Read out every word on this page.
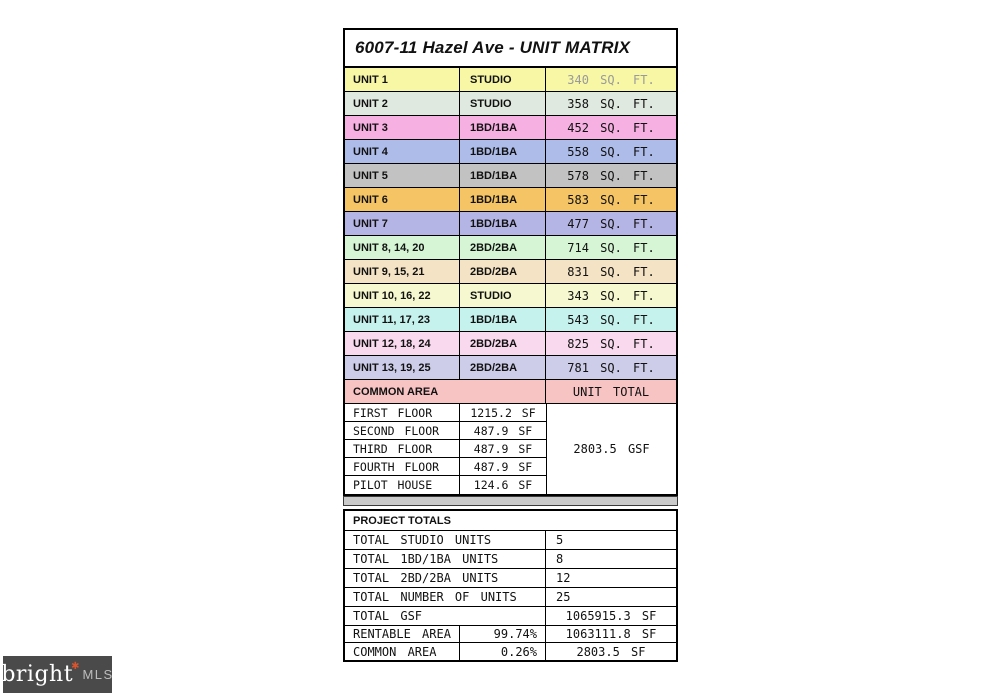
6007-11 Hazel Ave - UNIT MATRIX
UNIT 1	STUDIO	340 SQ. FT.
UNIT 2	STUDIO	358 SQ. FT.
UNIT 3	1BD/1BA	452 SQ. FT.
UNIT 4	1BD/1BA	558 SQ. FT.
UNIT 5	1BD/1BA	578 SQ. FT.
UNIT 6	1BD/1BA	583 SQ. FT.
UNIT 7	1BD/1BA	477 SQ. FT.
UNIT 8, 14, 20	2BD/2BA	714 SQ. FT.
UNIT 9, 15, 21	2BD/2BA	831 SQ. FT.
UNIT 10, 16, 22	STUDIO	343 SQ. FT.
UNIT 11, 17, 23	1BD/1BA	543 SQ. FT.
UNIT 12, 18, 24	2BD/2BA	825 SQ. FT.
UNIT 13, 19, 25	2BD/2BA	781 SQ. FT.
COMMON AREA	UNIT TOTAL
FIRST FLOOR	1215.2 SF
SECOND FLOOR	487.9 SF
THIRD FLOOR	487.9 SF
FOURTH FLOOR	487.9 SF
PILOT HOUSE	124.6 SF
2803.5 GSF
PROJECT TOTALS
TOTAL STUDIO UNITS	5
TOTAL 1BD/1BA UNITS	8
TOTAL 2BD/2BA UNITS	12
TOTAL NUMBER OF UNITS	25
TOTAL GSF	1065915.3 SF
RENTABLE AREA	99.74%	1063111.8 SF
COMMON AREA	0.26%	2803.5 SF
bright
✱
MLS
